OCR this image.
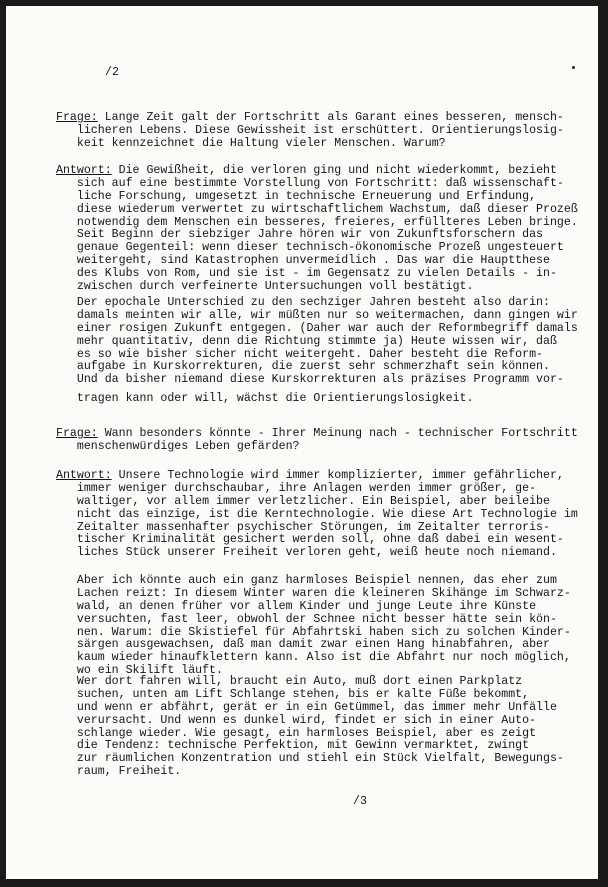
/2
Frage: Lange Zeit galt der Fortschritt als Garant eines besseren, mensch-
licheren Lebens. Diese Gewissheit ist erschüttert. Orientierungslosig-
keit kennzeichnet die Haltung vieler Menschen. Warum?
Antwort: Die Gewißheit, die verloren ging und nicht wiederkommt, bezieht
sich auf eine bestimmte Vorstellung von Fortschritt: daß wissenschaft-
liche Forschung, umgesetzt in technische Erneuerung und Erfindung,
diese wiederum verwertet zu wirtschaftlichem Wachstum, daß dieser Prozeß
notwendig dem Menschen ein besseres, freieres, erfüllteres Leben bringe.
Seit Beginn der siebziger Jahre hören wir von Zukunftsforschern das
genaue Gegenteil: wenn dieser technisch-ökonomische Prozeß ungesteuert
weitergeht, sind Katastrophen unvermeidlich . Das war die Hauptthese
des Klubs von Rom, und sie ist - im Gegensatz zu vielen Details - in-
zwischen durch verfeinerte Untersuchungen voll bestätigt.
Der epochale Unterschied zu den sechziger Jahren besteht also darin:
damals meinten wir alle, wir müßten nur so weitermachen, dann gingen wir
einer rosigen Zukunft entgegen. (Daher war auch der Reformbegriff damals
mehr quantitativ, denn die Richtung stimmte ja) Heute wissen wir, daß
es so wie bisher sicher nicht weitergeht. Daher besteht die Reform-
aufgabe in Kurskorrekturen, die zuerst sehr schmerzhaft sein können.
Und da bisher niemand diese Kurskorrekturen als präzises Programm vor-
tragen kann oder will, wächst die Orientierungslosigkeit.
Frage: Wann besonders könnte - Ihrer Meinung nach - technischer Fortschritt
menschenwürdiges Leben gefärden?
Antwort: Unsere Technologie wird immer komplizierter, immer gefährlicher,
immer weniger durchschaubar, ihre Anlagen werden immer größer, ge-
waltiger, vor allem immer verletzlicher. Ein Beispiel, aber beileibe
nicht das einzige, ist die Kerntechnologie. Wie diese Art Technologie im
Zeitalter massenhafter psychischer Störungen, im Zeitalter terroris-
tischer Kriminalität gesichert werden soll, ohne daß dabei ein wesent-
liches Stück unserer Freiheit verloren geht, weiß heute noch niemand.
Aber ich könnte auch ein ganz harmloses Beispiel nennen, das eher zum
Lachen reizt: In diesem Winter waren die kleineren Skihänge im Schwarz-
wald, an denen früher vor allem Kinder und junge Leute ihre Künste
versuchten, fast leer, obwohl der Schnee nicht besser hätte sein kön-
nen. Warum: die Skistiefel für Abfahrtski haben sich zu solchen Kinder-
särgen ausgewachsen, daß man damit zwar einen Hang hinabfahren, aber
kaum wieder hinaufklettern kann. Also ist die Abfahrt nur noch möglich,
wo ein Skilift läuft.
Wer dort fahren will, braucht ein Auto, muß dort einen Parkplatz
suchen, unten am Lift Schlange stehen, bis er kalte Füße bekommt,
und wenn er abfährt, gerät er in ein Getümmel, das immer mehr Unfälle
verursacht. Und wenn es dunkel wird, findet er sich in einer Auto-
schlange wieder. Wie gesagt, ein harmloses Beispiel, aber es zeigt
die Tendenz: technische Perfektion, mit Gewinn vermarktet, zwingt
zur räumlichen Konzentration und stiehl ein Stück Vielfalt, Bewegungs-
raum, Freiheit.
/3
